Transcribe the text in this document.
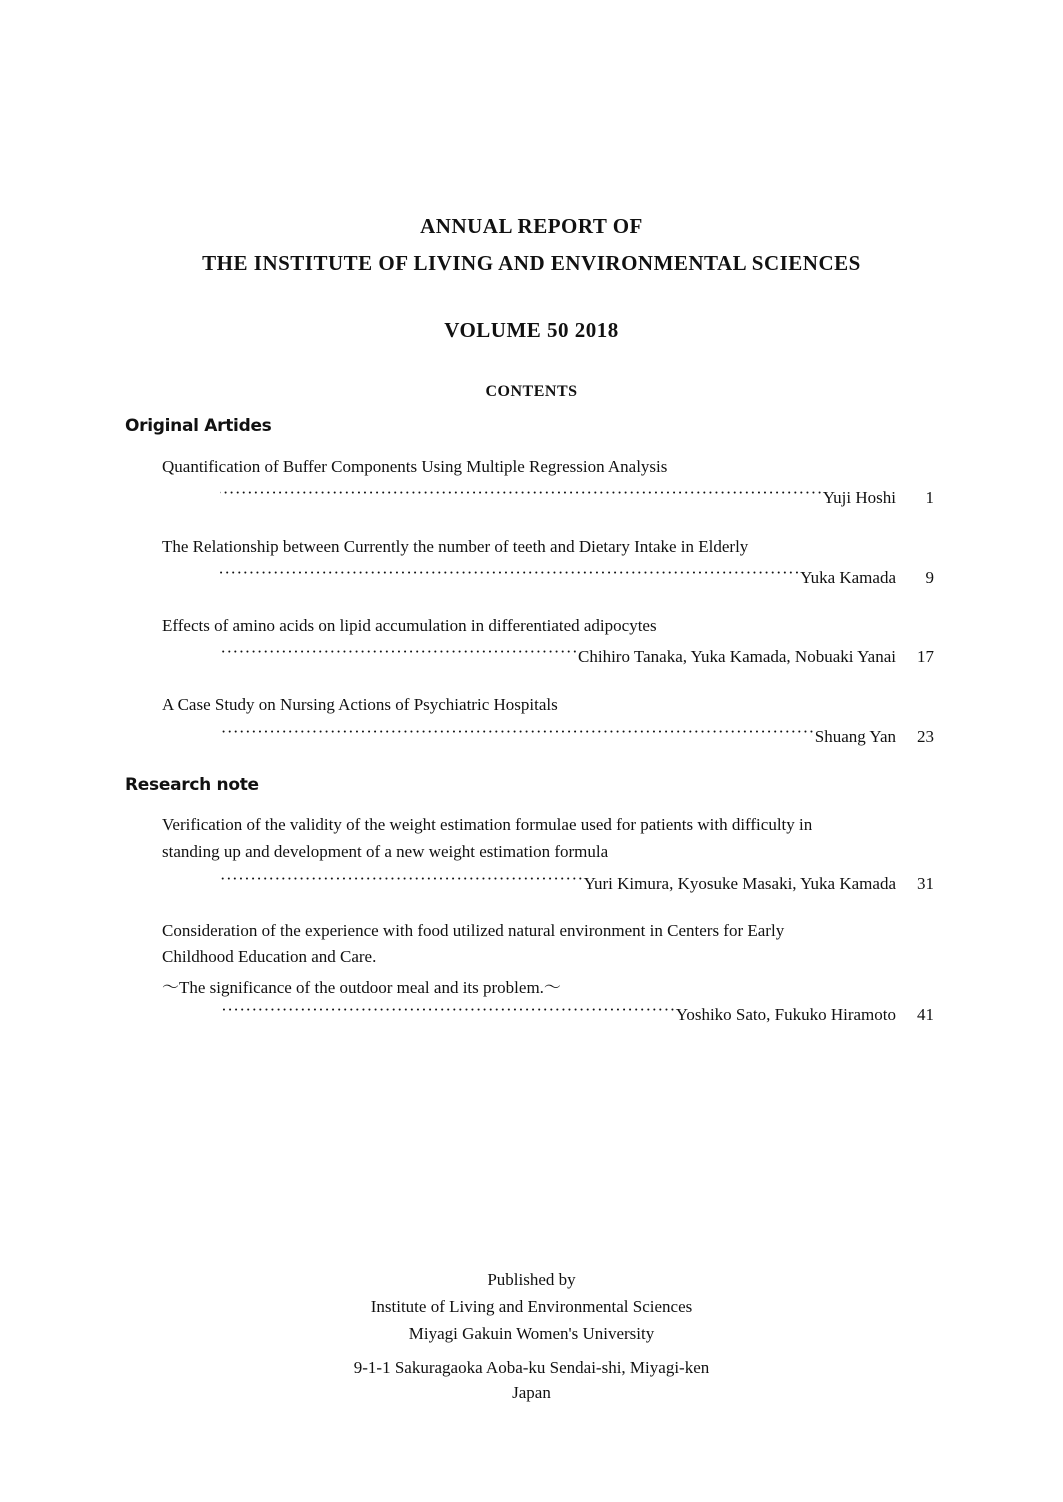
ANNUAL REPORT OF
THE INSTITUTE OF LIVING AND ENVIRONMENTAL SCIENCES
VOLUME 50 2018
CONTENTS
Original Artides
Quantification of Buffer Components Using Multiple Regression Analysis
·····
Yuji Hoshi	1
The Relationship between Currently the number of teeth and Dietary Intake in Elderly
·····
Yuka Kamada	9
Effects of amino acids on lipid accumulation in differentiated adipocytes
·····
Chihiro Tanaka, Yuka Kamada, Nobuaki Yanai	17
A Case Study on Nursing Actions of Psychiatric Hospitals
·····
Shuang Yan	23
Research note
Verification of the validity of the weight estimation formulae used for patients with difficulty in
standing up and development of a new weight estimation formula
·····
Yuri Kimura, Kyosuke Masaki, Yuka Kamada	31
Consideration of the experience with food utilized natural environment in Centers for Early
Childhood Education and Care.
～The significance of the outdoor meal and its problem.～
·····
Yoshiko Sato, Fukuko Hiramoto	41
Published by
Institute of Living and Environmental Sciences
Miyagi Gakuin Women's University
9-1-1 Sakuragaoka Aoba-ku Sendai-shi, Miyagi-ken
Japan
